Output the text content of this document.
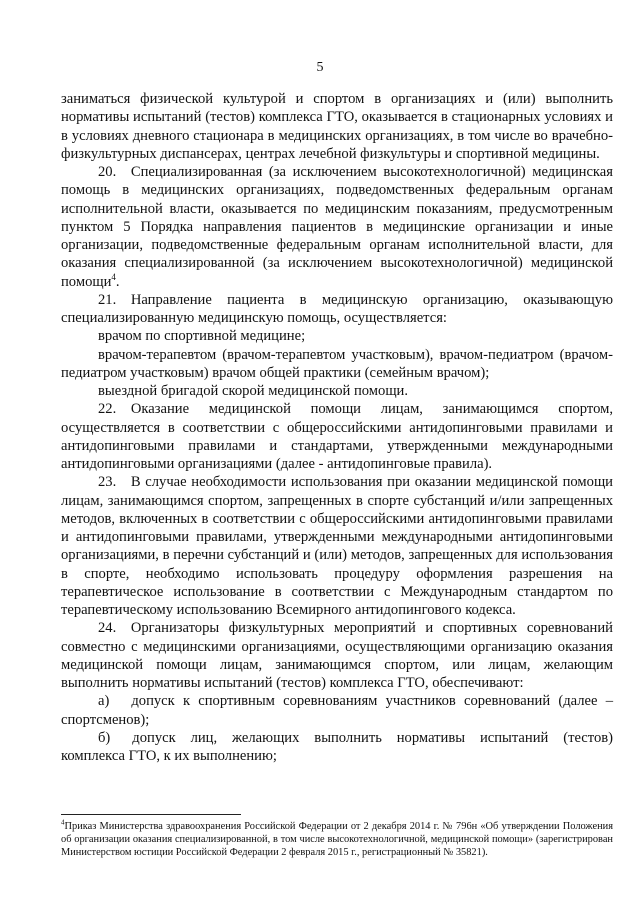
5

заниматься физической культурой и спортом в организациях и (или) выполнить нормативы испытаний (тестов) комплекса ГТО, оказывается в стационарных условиях и в условиях дневного стационара в медицинских организациях, в том числе во врачебно-физкультурных диспансерах, центрах лечебной физкультуры и спортивной медицины.

20. Специализированная (за исключением высокотехнологичной) медицинская помощь в медицинских организациях, подведомственных федеральным органам исполнительной власти, оказывается по медицинским показаниям, предусмотренным пунктом 5 Порядка направления пациентов в медицинские организации и иные организации, подведомственные федеральным органам исполнительной власти, для оказания специализированной (за исключением высокотехнологичной) медицинской помощи$^4$.

21. Направление пациента в медицинскую организацию, оказывающую специализированную медицинскую помощь, осуществляется:

врачом по спортивной медицине;

врачом-терапевтом (врачом-терапевтом участковым), врачом-педиатром (врачом-педиатром участковым) врачом общей практики (семейным врачом);

выездной бригадой скорой медицинской помощи.

22. Оказание медицинской помощи лицам, занимающимся спортом, осуществляется в соответствии с общероссийскими антидопинговыми правилами и антидопинговыми правилами и стандартами, утвержденными международными антидопинговыми организациями (далее - антидопинговые правила).

23. В случае необходимости использования при оказании медицинской помощи лицам, занимающимся спортом, запрещенных в спорте субстанций и/или запрещенных методов, включенных в соответствии с общероссийскими антидопинговыми правилами и антидопинговыми правилами, утвержденными международными антидопинговыми организациями, в перечни субстанций и (или) методов, запрещенных для использования в спорте, необходимо использовать процедуру оформления разрешения на терапевтическое использование в соответствии с Международным стандартом по терапевтическому использованию Всемирного антидопингового кодекса.

24. Организаторы физкультурных мероприятий и спортивных соревнований совместно с медицинскими организациями, осуществляющими организацию оказания медицинской помощи лицам, занимающимся спортом, или лицам, желающим выполнить нормативы испытаний (тестов) комплекса ГТО, обеспечивают:

а) допуск к спортивным соревнованиям участников соревнований (далее – спортсменов);

б) допуск лиц, желающих выполнить нормативы испытаний (тестов) комплекса ГТО, к их выполнению;

$^4$Приказ Министерства здравоохранения Российской Федерации от 2 декабря 2014 г. № 796н «Об утверждении Положения об организации оказания специализированной, в том числе высокотехнологичной, медицинской помощи» (зарегистрирован Министерством юстиции Российской Федерации 2 февраля 2015 г., регистрационный № 35821).
